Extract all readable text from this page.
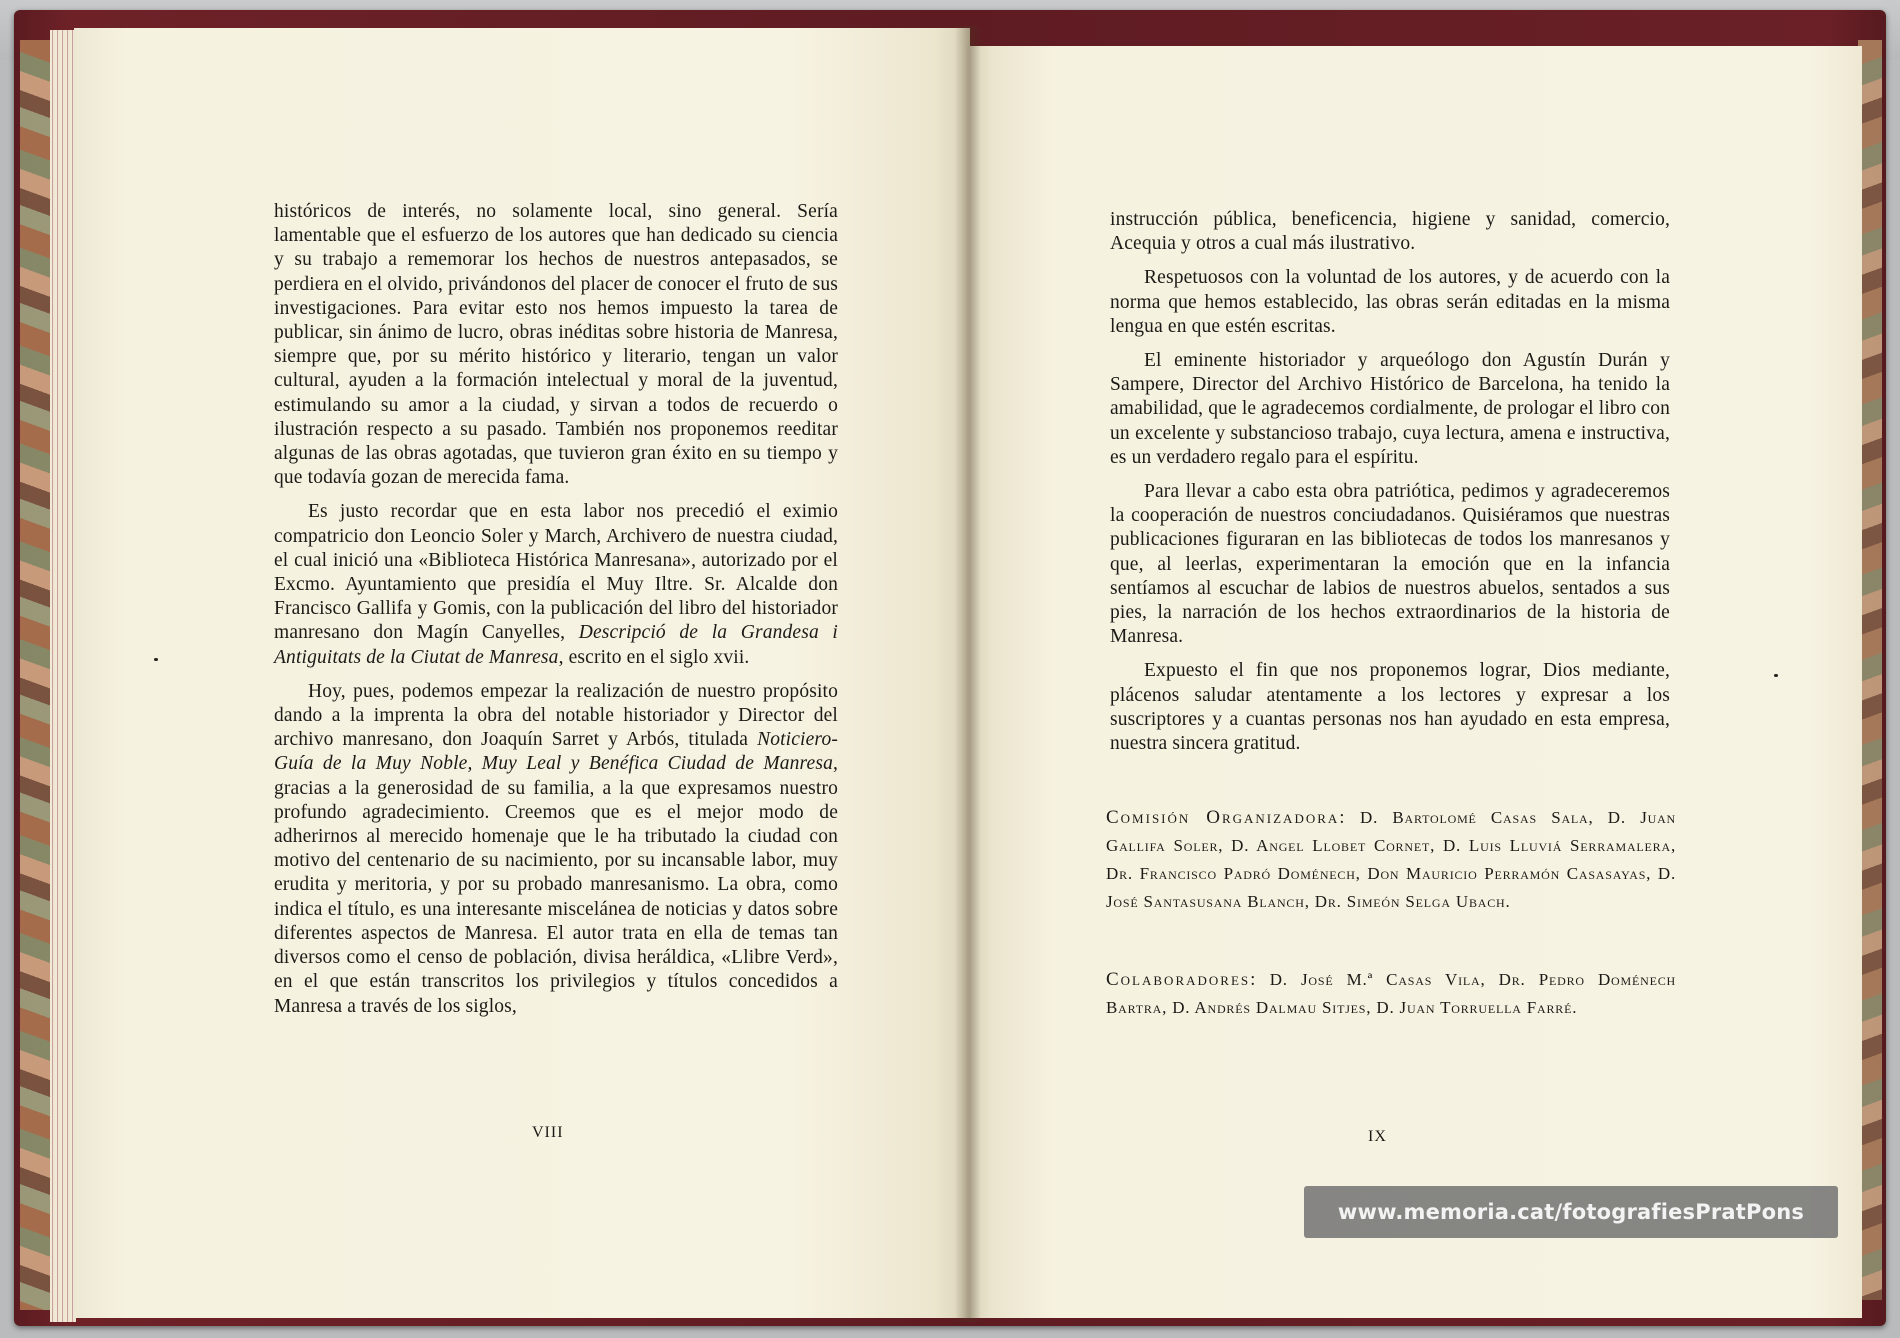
históricos de interés, no solamente local, sino general. Sería lamentable que el esfuerzo de los autores que han dedicado su ciencia y su trabajo a rememorar los hechos de nuestros antepasados, se perdiera en el olvido, privándonos del placer de conocer el fruto de sus investigaciones. Para evitar esto nos hemos impuesto la tarea de publicar, sin ánimo de lucro, obras inéditas sobre historia de Manresa, siempre que, por su mérito histórico y literario, tengan un valor cultural, ayuden a la formación intelectual y moral de la juventud, estimulando su amor a la ciudad, y sirvan a todos de recuerdo o ilustración respecto a su pasado. También nos proponemos reeditar algunas de las obras agotadas, que tuvieron gran éxito en su tiempo y que todavía gozan de merecida fama.

Es justo recordar que en esta labor nos precedió el eximio compatricio don Leoncio Soler y March, Archivero de nuestra ciudad, el cual inició una «Biblioteca Histórica Manresana», autorizado por el Excmo. Ayuntamiento que presidía el Muy Iltre. Sr. Alcalde don Francisco Gallifa y Gomis, con la publicación del libro del historiador manresano don Magín Canyelles, Descripció de la Grandesa i Antiguitats de la Ciutat de Manresa, escrito en el siglo xvii.

Hoy, pues, podemos empezar la realización de nuestro propósito dando a la imprenta la obra del notable historiador y Director del archivo manresano, don Joaquín Sarret y Arbós, titulada Noticiero-Guía de la Muy Noble, Muy Leal y Benéfica Ciudad de Manresa, gracias a la generosidad de su familia, a la que expresamos nuestro profundo agradecimiento. Creemos que es el mejor modo de adherirnos al merecido homenaje que le ha tributado la ciudad con motivo del centenario de su nacimiento, por su incansable labor, muy erudita y meritoria, y por su probado manresanismo. La obra, como indica el título, es una interesante miscelánea de noticias y datos sobre diferentes aspectos de Manresa. El autor trata en ella de temas tan diversos como el censo de población, divisa heráldica, «Llibre Verd», en el que están transcritos los privilegios y títulos concedidos a Manresa a través de los siglos,

VIII

instrucción pública, beneficencia, higiene y sanidad, comercio, Acequia y otros a cual más ilustrativo.

Respetuosos con la voluntad de los autores, y de acuerdo con la norma que hemos establecido, las obras serán editadas en la misma lengua en que estén escritas.

El eminente historiador y arqueólogo don Agustín Durán y Sampere, Director del Archivo Histórico de Barcelona, ha tenido la amabilidad, que le agradecemos cordialmente, de prologar el libro con un excelente y substancioso trabajo, cuya lectura, amena e instructiva, es un verdadero regalo para el espíritu.

Para llevar a cabo esta obra patriótica, pedimos y agradeceremos la cooperación de nuestros conciudadanos. Quisiéramos que nuestras publicaciones figuraran en las bibliotecas de todos los manresanos y que, al leerlas, experimentaran la emoción que en la infancia sentíamos al escuchar de labios de nuestros abuelos, sentados a sus pies, la narración de los hechos extraordinarios de la historia de Manresa.

Expuesto el fin que nos proponemos lograr, Dios mediante, plácenos saludar atentamente a los lectores y expresar a los suscriptores y a cuantas personas nos han ayudado en esta empresa, nuestra sincera gratitud.

Comisión Organizadora: D. Bartolomé Casas Sala, D. Juan Gallifa Soler, D. Angel Llobet Cornet, D. Luis Lluviá Serramalera, Dr. Francisco Padró Doménech, Don Mauricio Perramón Casasayas, D. José Santasusana Blanch, Dr. Simeón Selga Ubach.
Colaboradores: D. José M.ª Casas Vila, Dr. Pedro Doménech Bartra, D. Andrés Dalmau Sitjes, D. Juan Torruella Farré.
IX
www.memoria.cat/fotografiesPratPons
